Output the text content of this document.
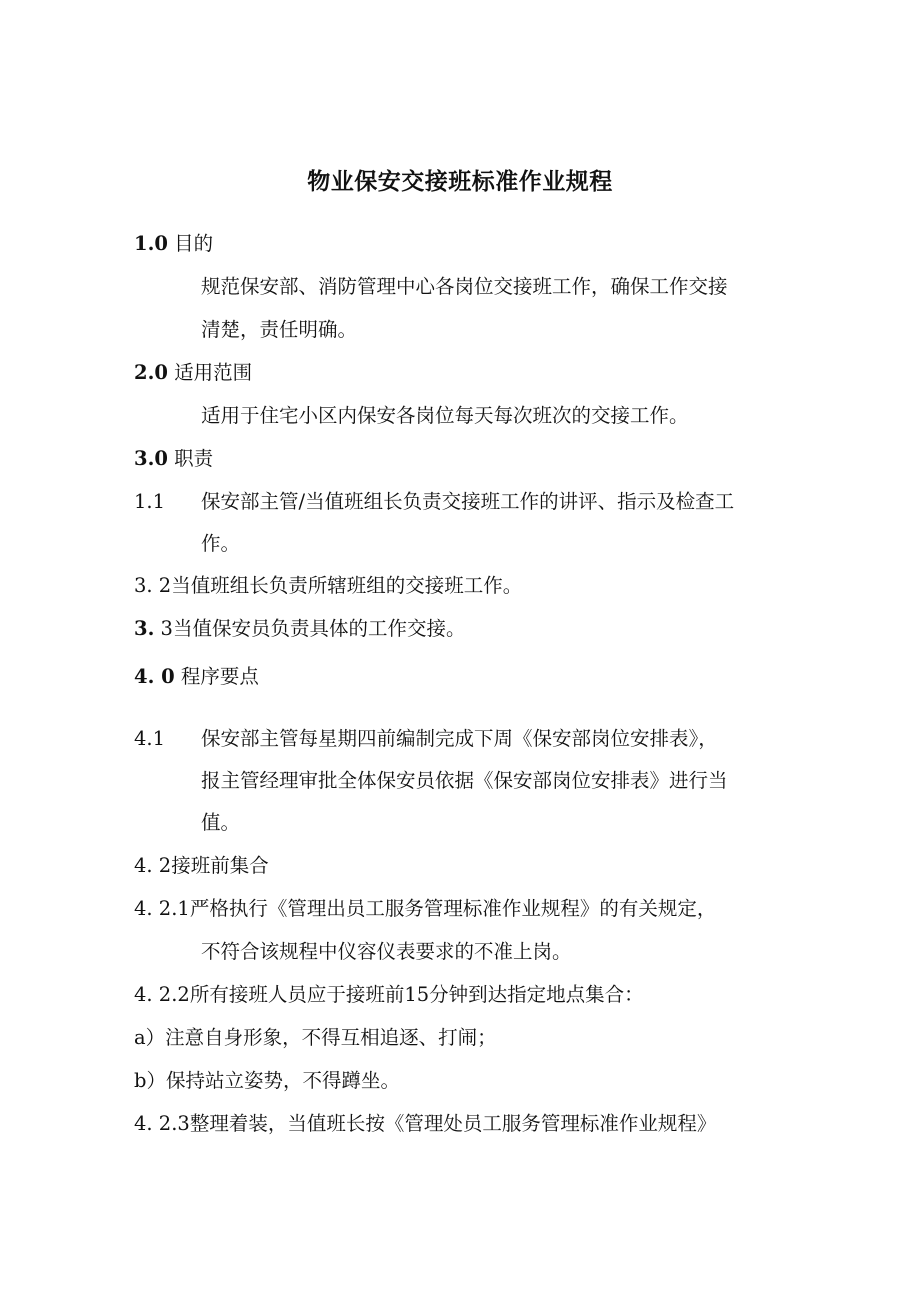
物业保安交接班标准作业规程
1.0 目的
规范保安部、消防管理中心各岗位交接班工作，确保工作交接
清楚，责任明确。
2.0 适用范围
适用于住宅小区内保安各岗位每天每次班次的交接工作。
3.0 职责
1.1 保安部主管/当值班组长负责交接班工作的讲评、指示及检查工
作。
3. 2当值班组长负责所辖班组的交接班工作。
3. 3当值保安员负责具体的工作交接。
4. 0 程序要点
4.1 保安部主管每星期四前编制完成下周《保安部岗位安排表》，
报主管经理审批全体保安员依据《保安部岗位安排表》进行当
值。
4. 2接班前集合
4. 2.1严格执行《管理出员工服务管理标准作业规程》的有关规定，
不符合该规程中仪容仪表要求的不准上岗。
4. 2.2所有接班人员应于接班前15分钟到达指定地点集合：
a）注意自身形象，不得互相追逐、打闹；
b）保持站立姿势，不得蹲坐。
4. 2.3整理着装，当值班长按《管理处员工服务管理标准作业规程》
